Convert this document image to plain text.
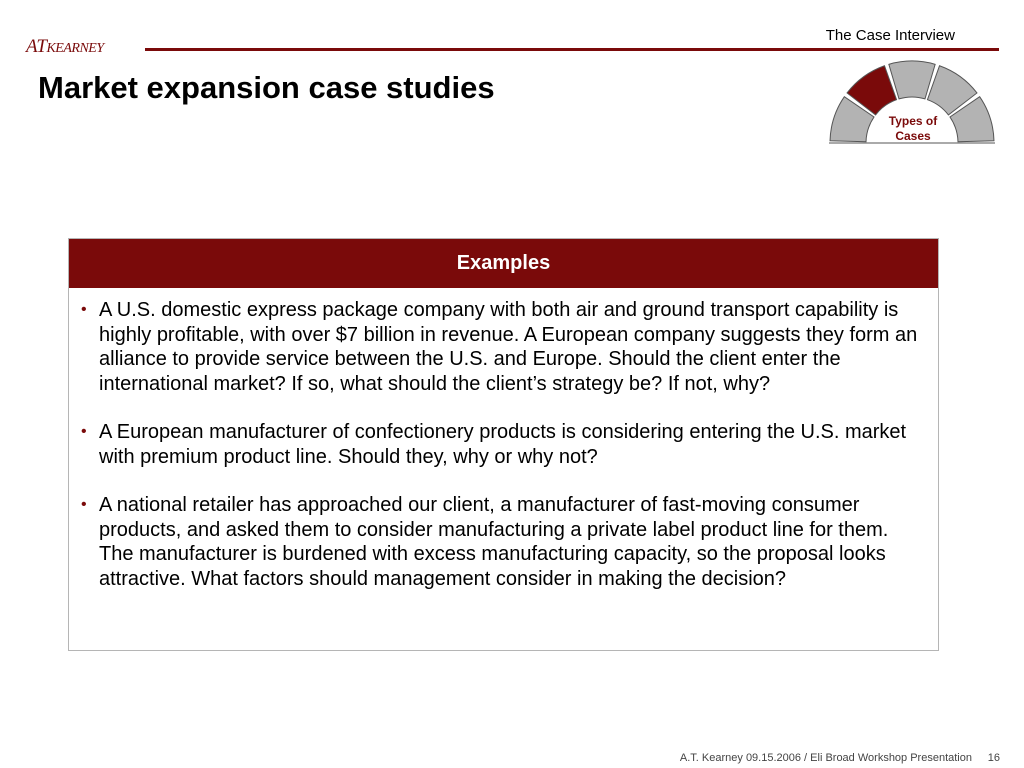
ATKEARNEY
The Case Interview
Market expansion case studies
Types of
Cases
Examples
• A U.S. domestic express package company with both air and ground transport capability is highly profitable, with over $7 billion in revenue. A European company suggests they form an alliance to provide service between the U.S. and Europe. Should the client enter the international market? If so, what should the client’s strategy be? If not, why?
• A European manufacturer of confectionery products is considering entering the U.S. market with premium product line. Should they, why or why not?
• A national retailer has approached our client, a manufacturer of fast-moving consumer products, and asked them to consider manufacturing a private label product line for them. The manufacturer is burdened with excess manufacturing capacity, so the proposal looks attractive. What factors should management consider in making the decision?
A.T. Kearney 09.15.2006 / Eli Broad Workshop Presentation 16
